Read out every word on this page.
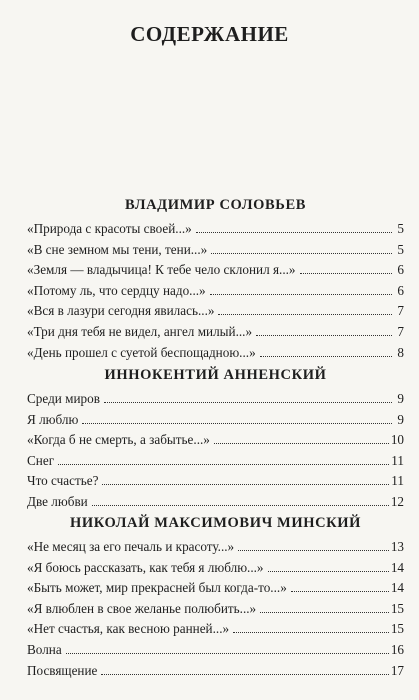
СОДЕРЖАНИЕ
ВЛАДИМИР СОЛОВЬЕВ
«Природа с красоты своей...»	5
«В сне земном мы тени, тени...»	5
«Земля — владычица! К тебе чело склонил я...»	6
«Потому ль, что сердцу надо...»	6
«Вся в лазури сегодня явилась...»	7
«Три дня тебя не видел, ангел милый...»	7
«День прошел с суетой беспощадною...»	8
ИННОКЕНТИЙ АННЕНСКИЙ
Среди миров	9
Я люблю	9
«Когда б не смерть, а забытье...»	10
Снег	11
Что счастье?	11
Две любви	12
НИКОЛАЙ МАКСИМОВИЧ МИНСКИЙ
«Не месяц за его печаль и красоту...»	13
«Я боюсь рассказать, как тебя я люблю...»	14
«Быть может, мир прекрасней был когда-то...»	14
«Я влюблен в свое желанье полюбить...»	15
«Нет счастья, как весною ранней...»	15
Волна	16
Посвящение	17
